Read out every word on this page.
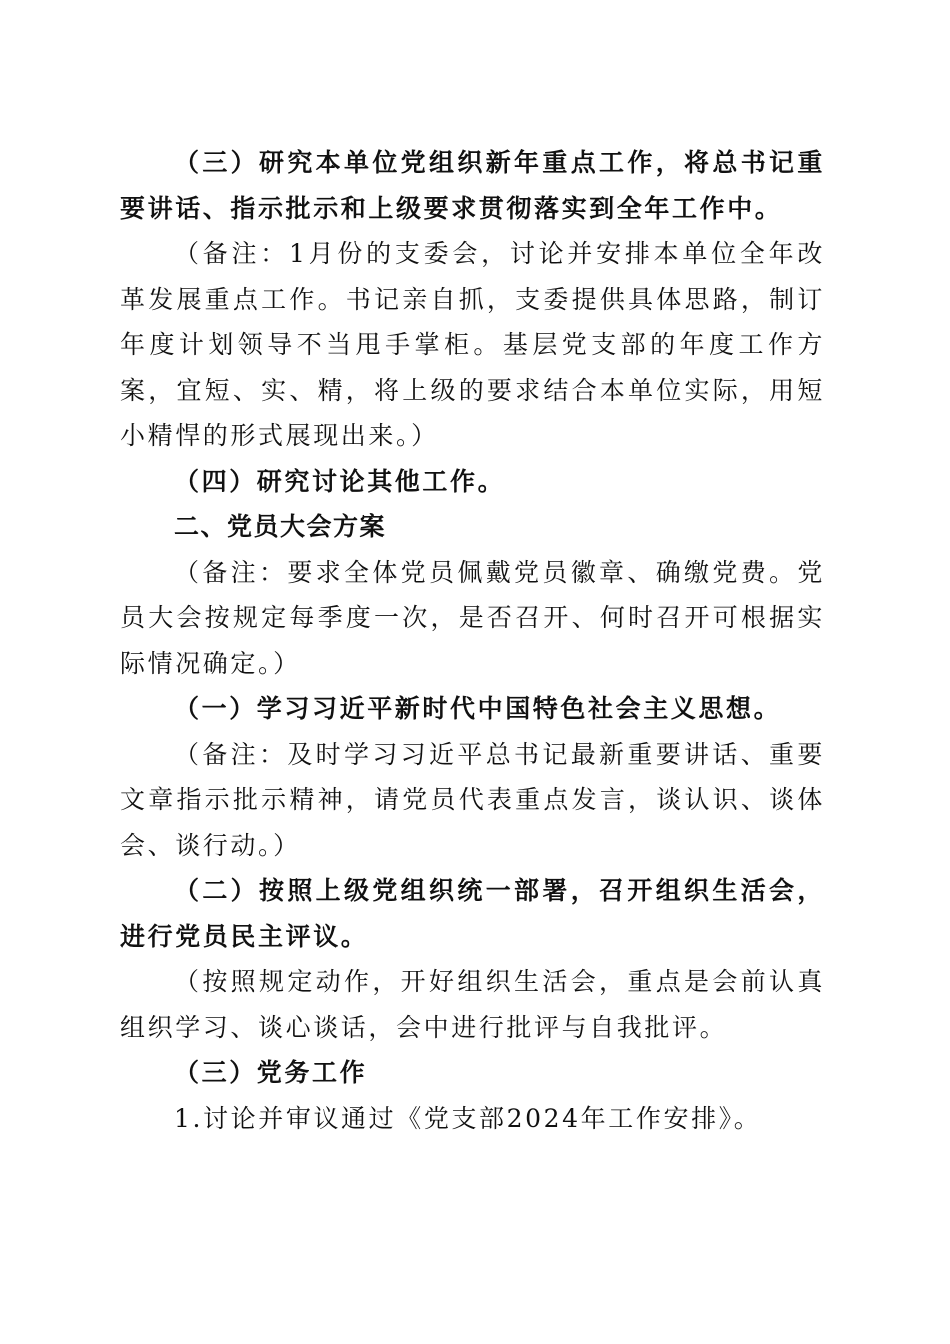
（三）研究本单位党组织新年重点工作，将总书记重要讲话、指示批示和上级要求贯彻落实到全年工作中。

（备注：1月份的支委会，讨论并安排本单位全年改革发展重点工作。书记亲自抓，支委提供具体思路，制订年度计划领导不当甩手掌柜。基层党支部的年度工作方案，宜短、实、精，将上级的要求结合本单位实际，用短小精悍的形式展现出来。）

（四）研究讨论其他工作。

二、党员大会方案

（备注：要求全体党员佩戴党员徽章、确缴党费。党员大会按规定每季度一次，是否召开、何时召开可根据实际情况确定。）

（一）学习习近平新时代中国特色社会主义思想。

（备注：及时学习习近平总书记最新重要讲话、重要文章指示批示精神，请党员代表重点发言，谈认识、谈体会、谈行动。）

（二）按照上级党组织统一部署，召开组织生活会，进行党员民主评议。

（按照规定动作，开好组织生活会，重点是会前认真组织学习、谈心谈话，会中进行批评与自我批评。

（三）党务工作

1.讨论并审议通过《党支部2024年工作安排》。
